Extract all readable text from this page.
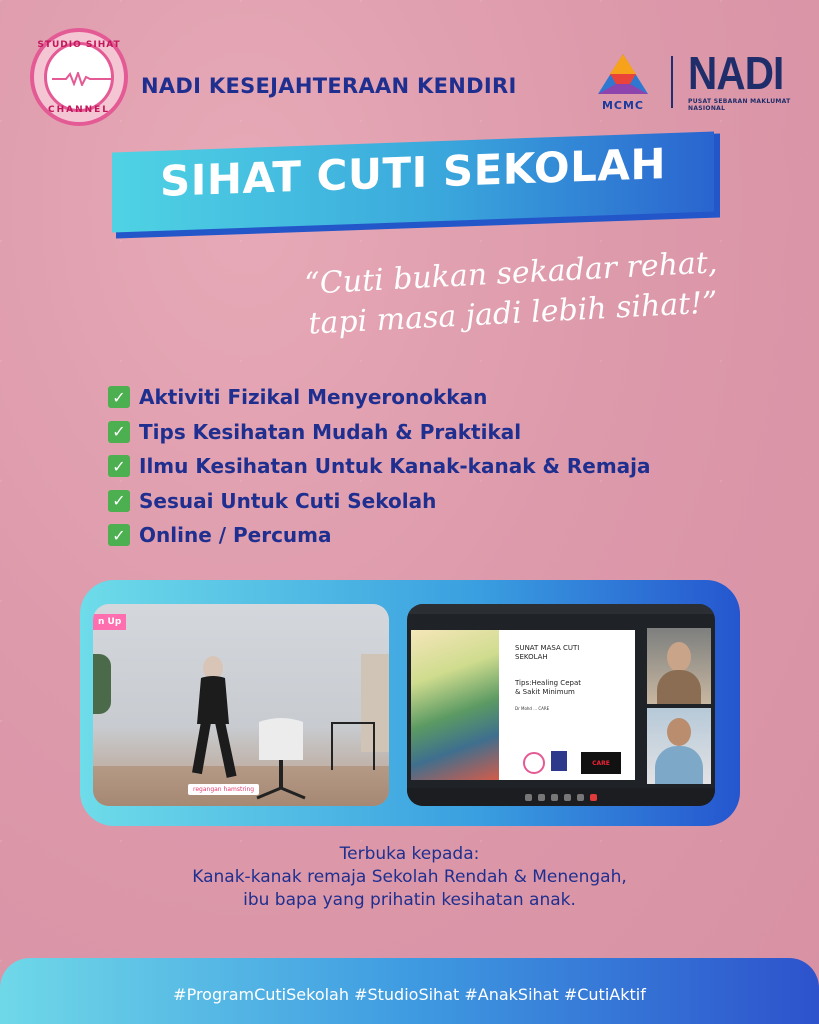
STUDIO SIHAT
CHANNEL
NADI KESEJAHTERAAN KENDIRI
MCMC
NADI
PUSAT SEBARAN MAKLUMAT NASIONAL
SIHAT CUTI SEKOLAH
“Cuti bukan sekadar rehat,
tapi masa jadi lebih sihat!”
✓ Aktiviti Fizikal Menyeronokkan
✓ Tips Kesihatan Mudah & Praktikal
✓ Ilmu Kesihatan Untuk Kanak-kanak & Remaja
✓ Sesuai Untuk Cuti Sekolah
✓ Online / Percuma
n Up
regangan hamstring
SUNAT MASA CUTI
SEKOLAH
Tips:Healing Cepat
& Sakit Minimum
Dr Mohd ... CARE
CARE
Terbuka kepada:
Kanak-kanak remaja Sekolah Rendah & Menengah,
ibu bapa yang prihatin kesihatan anak.
#ProgramCutiSekolah #StudioSihat #AnakSihat #CutiAktif
